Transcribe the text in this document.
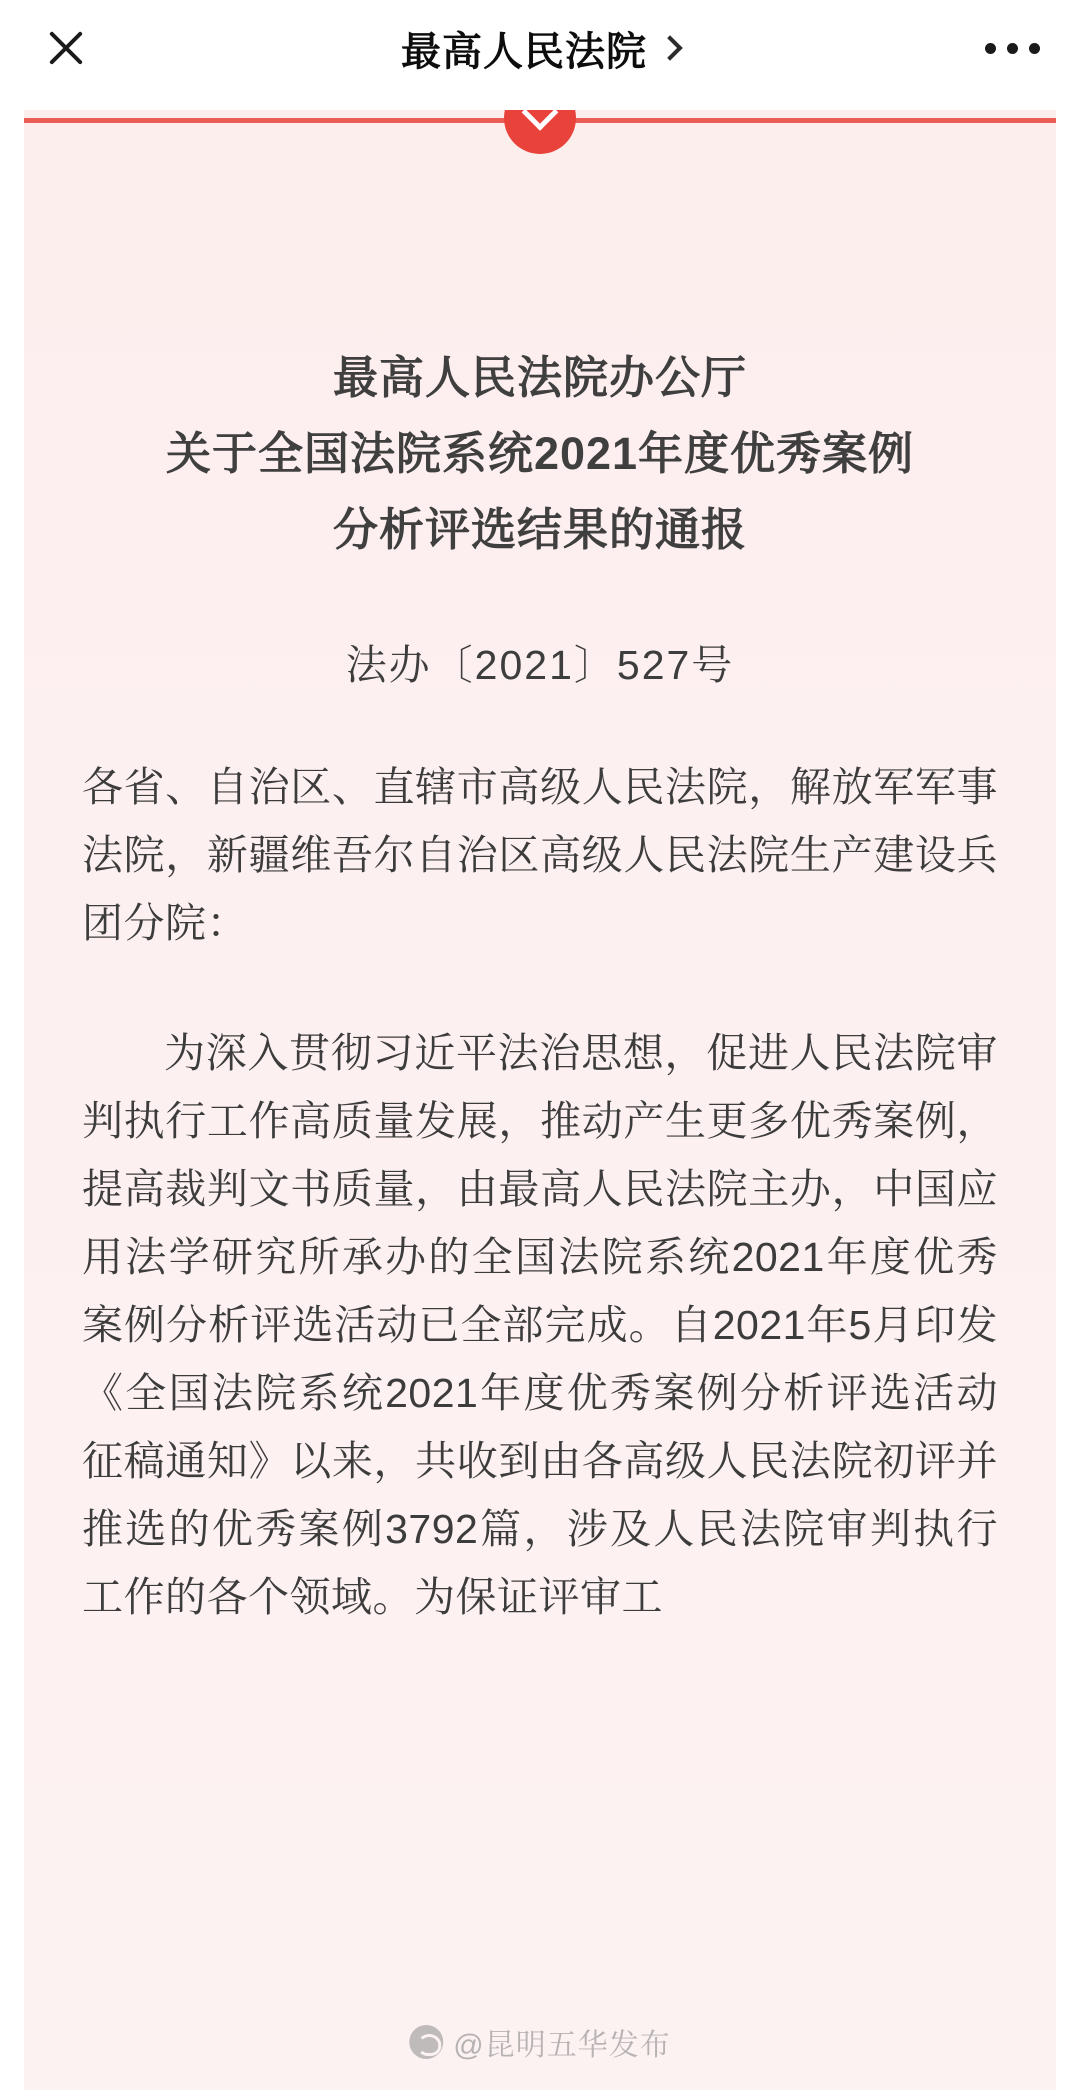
最高人民法院
最高人民法院办公厅
关于全国法院系统2021年度优秀案例
分析评选结果的通报
法办〔2021〕527号

各省、自治区、直辖市高级人民法院，解放军军事法院，新疆维吾尔自治区高级人民法院生产建设兵团分院：

为深入贯彻习近平法治思想，促进人民法院审判执行工作高质量发展，推动产生更多优秀案例，提高裁判文书质量，由最高人民法院主办，中国应用法学研究所承办的全国法院系统2021年度优秀案例分析评选活动已全部完成。自2021年5月印发《全国法院系统2021年度优秀案例分析评选活动征稿通知》以来，共收到由各高级人民法院初评并推选的优秀案例3792篇，涉及人民法院审判执行工作的各个领域。为保证评审工

@昆明五华发布
